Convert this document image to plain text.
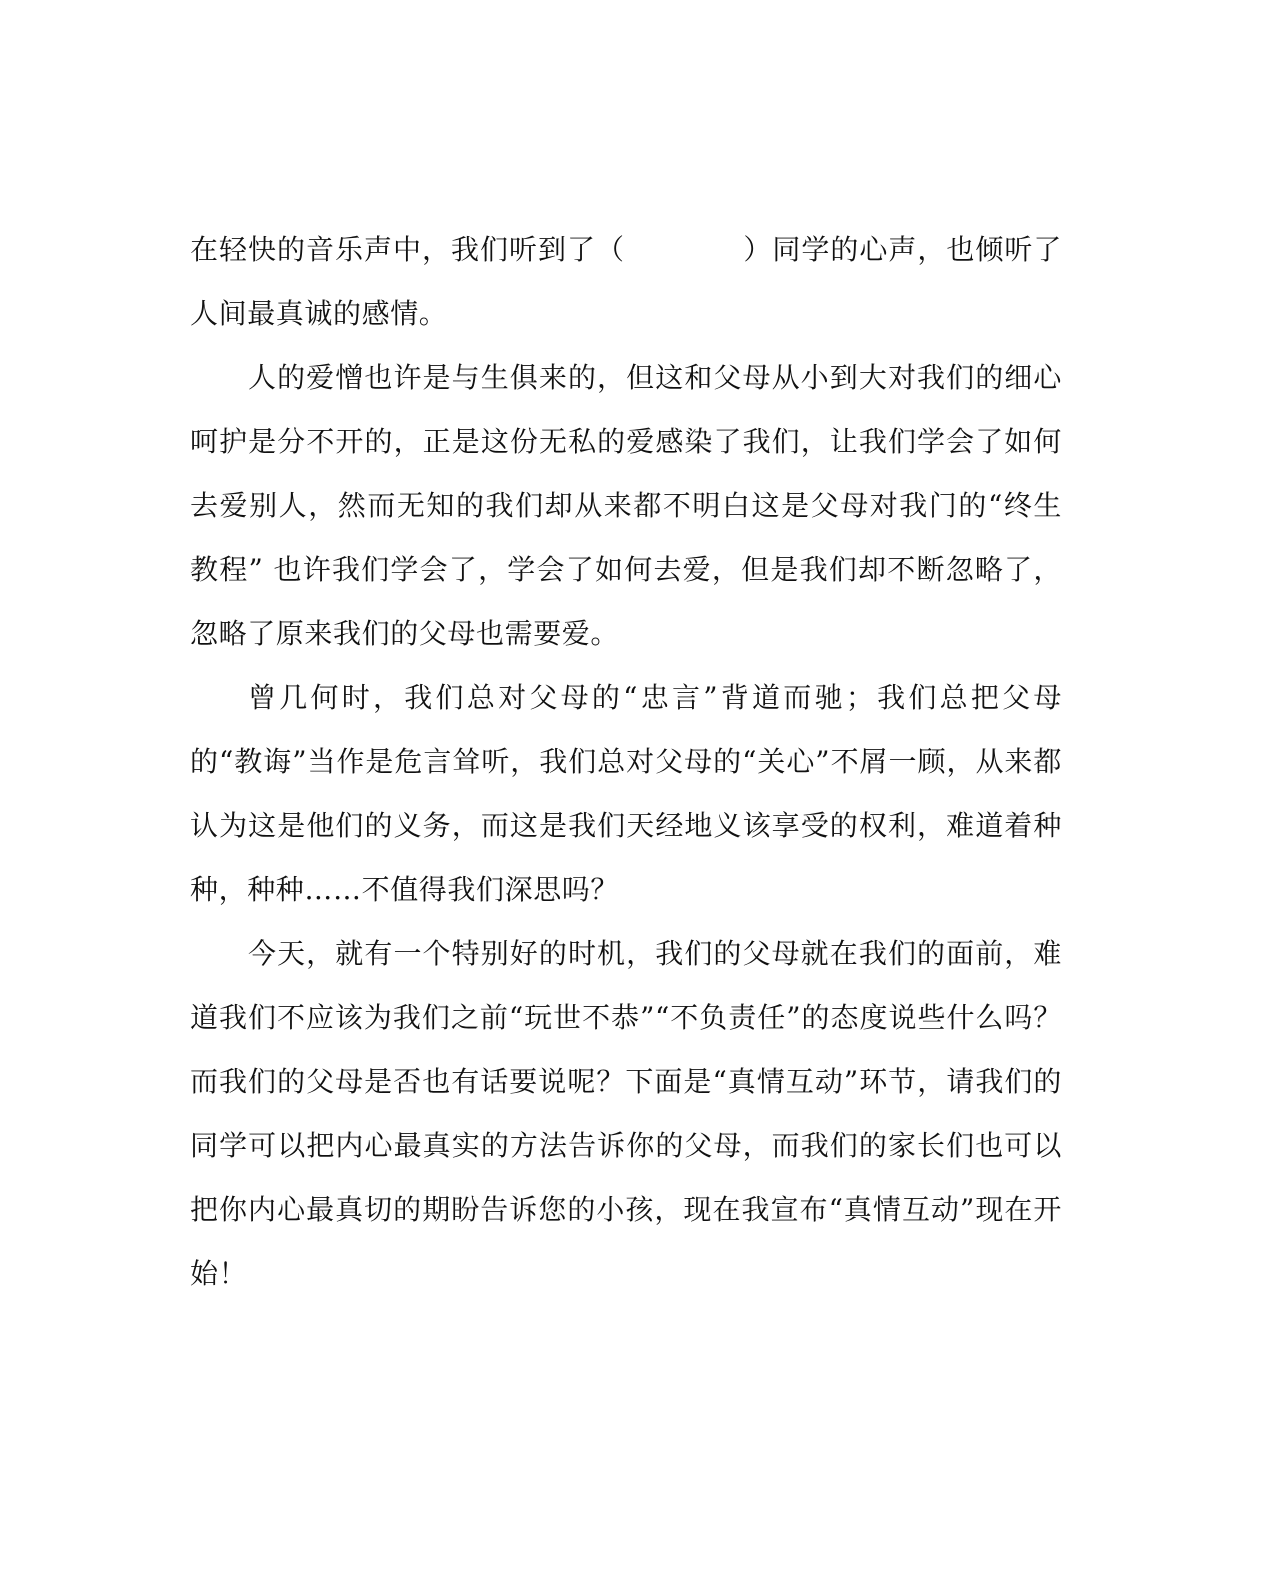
在轻快的音乐声中，我们听到了（	）同学的心声，也倾听了人间最真诚的感情。

人的爱憎也许是与生俱来的，但这和父母从小到大对我们的细心呵护是分不开的，正是这份无私的爱感染了我们，让我们学会了如何去爱别人，然而无知的我们却从来都不明白这是父母对我门的“终生教程” 也许我们学会了，学会了如何去爱，但是我们却不断忽略了，忽略了原来我们的父母也需要爱。

曾几何时，我们总对父母的“忠言”背道而驰；我们总把父母的“教诲”当作是危言耸听，我们总对父母的“关心”不屑一顾，从来都认为这是他们的义务，而这是我们天经地义该享受的权利，难道着种种，种种……不值得我们深思吗？

今天，就有一个特别好的时机，我们的父母就在我们的面前，难道我们不应该为我们之前“玩世不恭”“不负责任”的态度说些什么吗？而我们的父母是否也有话要说呢？下面是“真情互动”环节，请我们的同学可以把内心最真实的方法告诉你的父母，而我们的家长们也可以把你内心最真切的期盼告诉您的小孩，现在我宣布“真情互动”现在开始！
